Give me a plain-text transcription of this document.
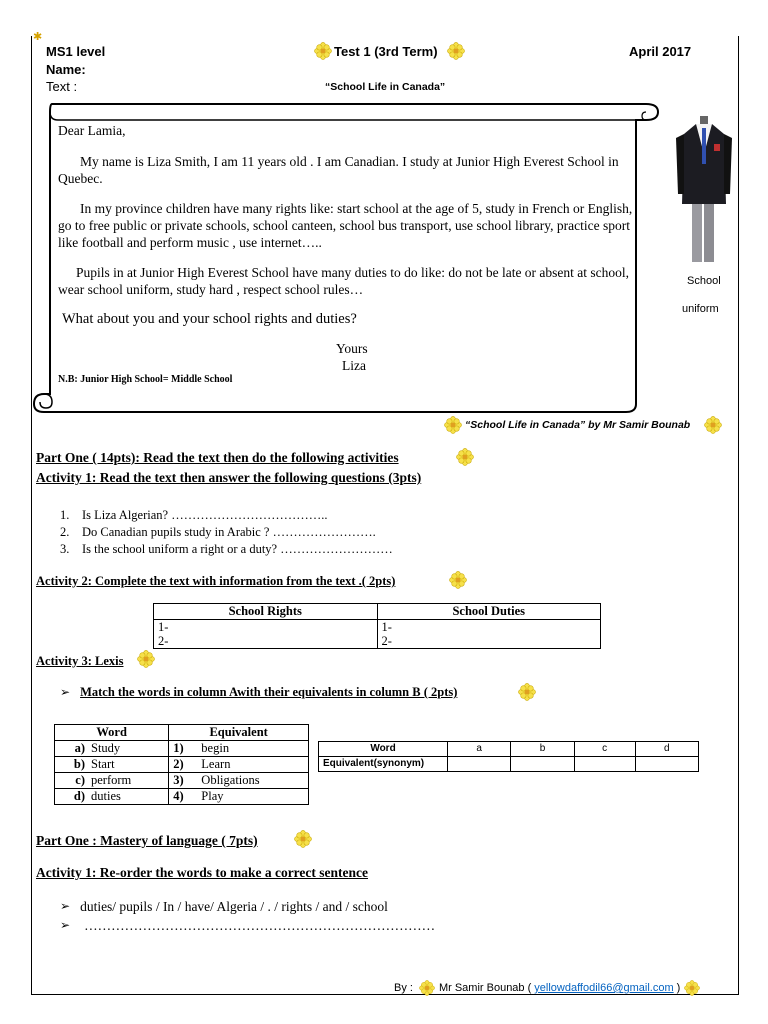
✱
MS1 level
Name:
Text :
Test 1 (3rd Term)	April 2017
“School Life in Canada”

Dear Lamia,

My name is Liza Smith, I am 11 years old . I am Canadian. I study at Junior High Everest School in Quebec.

In my province children have many rights like: start school at the age of 5, study in French or English, go to free public or private schools, school canteen, school bus transport, use school library, practice sport like football and perform music , use internet…..

Pupils in at Junior High Everest School have many duties to do like: do not be late or absent at school, wear school uniform, study hard , respect school rules…

What about you and your school rights and duties?

Yours

Liza

N.B: Junior High School= Middle School

School
uniform
“School Life in Canada” by Mr Samir Bounab
Part One ( 14pts): Read the text then do the following activities
Activity 1: Read the text then answer the following questions (3pts)
1.	Is Liza Algerian? ………………………………..
2.	Do Canadian pupils study in Arabic ? …………………….
3.	Is the school uniform a right or a duty? ………………………
Activity 2: Complete the text with information from the text .( 2pts)
School Rights	School Duties
1-	1-
2-	2-
Activity 3: Lexis
➢ Match the words in column Awith their equivalents in column B ( 2pts)
Word	Equivalent
a) Study	1) begin
b) Start	2) Learn
c) perform	3) Obligations
d) duties	4) Play
Word	a	b	c	d
Equivalent(synonym)				
Part One : Mastery of language ( 7pts)
Activity 1: Re-order the words to make a correct sentence
➢ duties/ pupils / In / have/ Algeria / . / rights / and / school
➢ ……………………………………………………………………
By : Mr Samir Bounab ( yellowdaffodil66@gmail.com )
